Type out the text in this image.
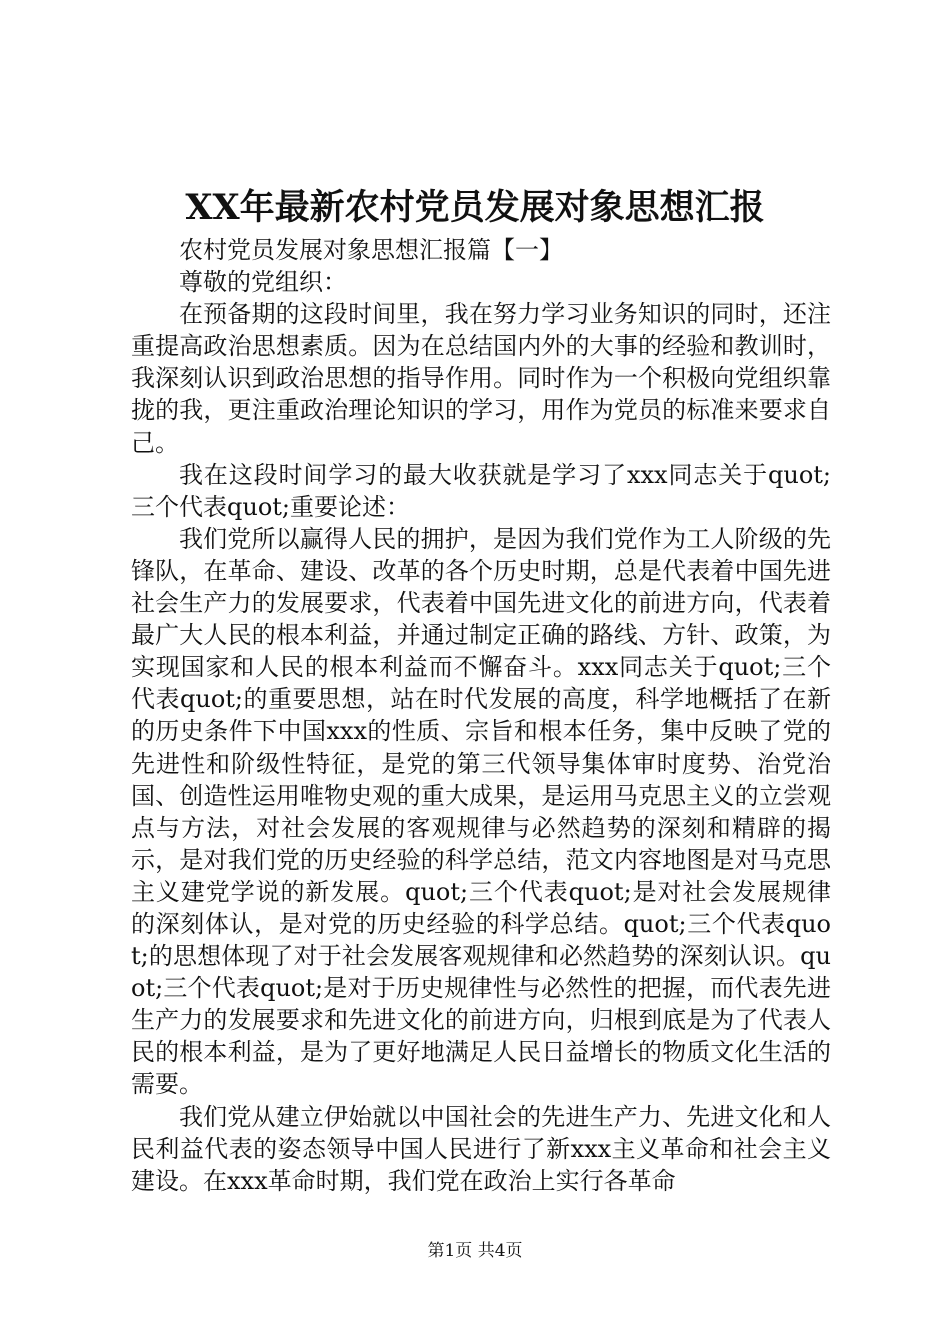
XX年最新农村党员发展对象思想汇报

农村党员发展对象思想汇报篇【一】

尊敬的党组织：

在预备期的这段时间里，我在努力学习业务知识的同时，还注重提高政治思想素质。因为在总结国内外的大事的经验和教训时，我深刻认识到政治思想的指导作用。同时作为一个积极向党组织靠拢的我，更注重政治理论知识的学习，用作为党员的标准来要求自己。

我在这段时间学习的最大收获就是学习了xxx同志关于quot;三个代表quot;重要论述：

我们党所以赢得人民的拥护，是因为我们党作为工人阶级的先锋队，在革命、建设、改革的各个历史时期，总是代表着中国先进社会生产力的发展要求，代表着中国先进文化的前进方向，代表着最广大人民的根本利益，并通过制定正确的路线、方针、政策，为实现国家和人民的根本利益而不懈奋斗。xxx同志关于quot;三个代表quot;的重要思想，站在时代发展的高度，科学地概括了在新的历史条件下中国xxx的性质、宗旨和根本任务，集中反映了党的先进性和阶级性特征，是党的第三代领导集体审时度势、治党治国、创造性运用唯物史观的重大成果，是运用马克思主义的立尝观点与方法，对社会发展的客观规律与必然趋势的深刻和精辟的揭示，是对我们党的历史经验的科学总结，范文内容地图是对马克思主义建党学说的新发展。quot;三个代表quot;是对社会发展规律的深刻体认，是对党的历史经验的科学总结。quot;三个代表quot;的思想体现了对于社会发展客观规律和必然趋势的深刻认识。quot;三个代表quot;是对于历史规律性与必然性的把握，而代表先进生产力的发展要求和先进文化的前进方向，归根到底是为了代表人民的根本利益，是为了更好地满足人民日益增长的物质文化生活的需要。

我们党从建立伊始就以中国社会的先进生产力、先进文化和人民利益代表的姿态领导中国人民进行了新xxx主义革命和社会主义建设。在xxx革命时期，我们党在政治上实行各革命

第1页 共4页
